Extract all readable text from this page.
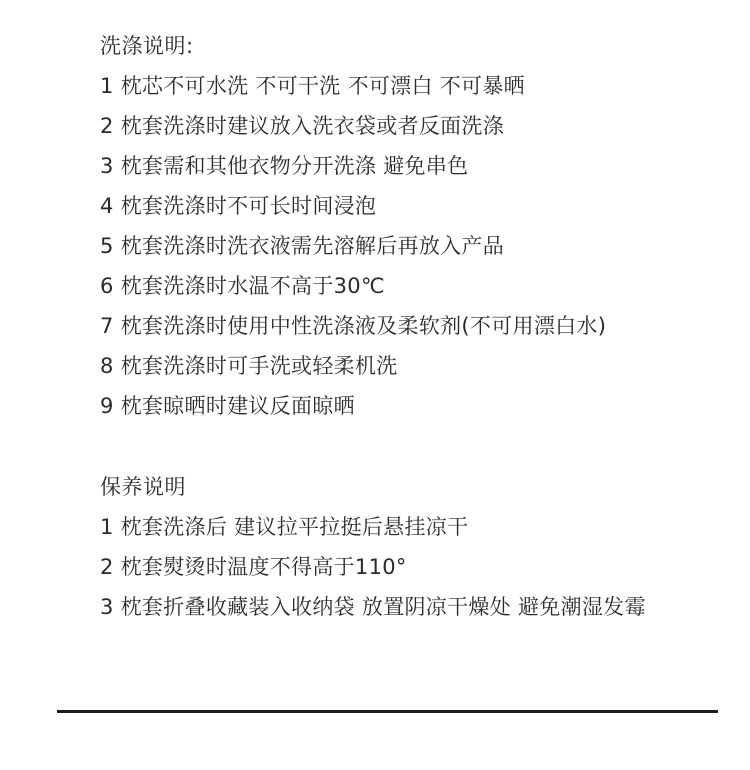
洗涤说明:
1 枕芯不可水洗 不可干洗 不可漂白 不可暴晒
2 枕套洗涤时建议放入洗衣袋或者反面洗涤
3 枕套需和其他衣物分开洗涤 避免串色
4 枕套洗涤时不可长时间浸泡
5 枕套洗涤时洗衣液需先溶解后再放入产品
6 枕套洗涤时水温不高于30℃
7 枕套洗涤时使用中性洗涤液及柔软剂(不可用漂白水)
8 枕套洗涤时可手洗或轻柔机洗
9 枕套晾晒时建议反面晾晒
保养说明
1 枕套洗涤后 建议拉平拉挺后悬挂凉干
2 枕套熨烫时温度不得高于110°
3 枕套折叠收藏装入收纳袋 放置阴凉干燥处 避免潮湿发霉
